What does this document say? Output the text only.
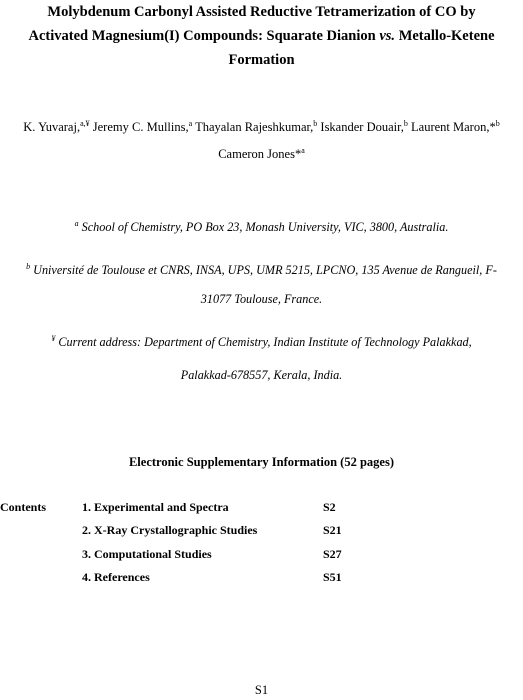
Molybdenum Carbonyl Assisted Reductive Tetramerization of CO by
Activated Magnesium(I) Compounds: Squarate Dianion vs. Metallo-Ketene
Formation
K. Yuvaraj,$^{a,¥}$ Jeremy C. Mullins,$^a$ Thayalan Rajeshkumar,$^b$ Iskander Douair,$^b$ Laurent Maron,*$^b$
Cameron Jones*$^a$
$^a$ School of Chemistry, PO Box 23, Monash University, VIC, 3800, Australia.
$^b$ Université de Toulouse et CNRS, INSA, UPS, UMR 5215, LPCNO, 135 Avenue de Rangueil, F-
31077 Toulouse, France.
¥ Current address: Department of Chemistry, Indian Institute of Technology Palakkad,
Palakkad-678557, Kerala, India.
Electronic Supplementary Information (52 pages)
Contents	1. Experimental and Spectra	S2
2. X-Ray Crystallographic Studies	S21
3. Computational Studies	S27
4. References	S51
S1
